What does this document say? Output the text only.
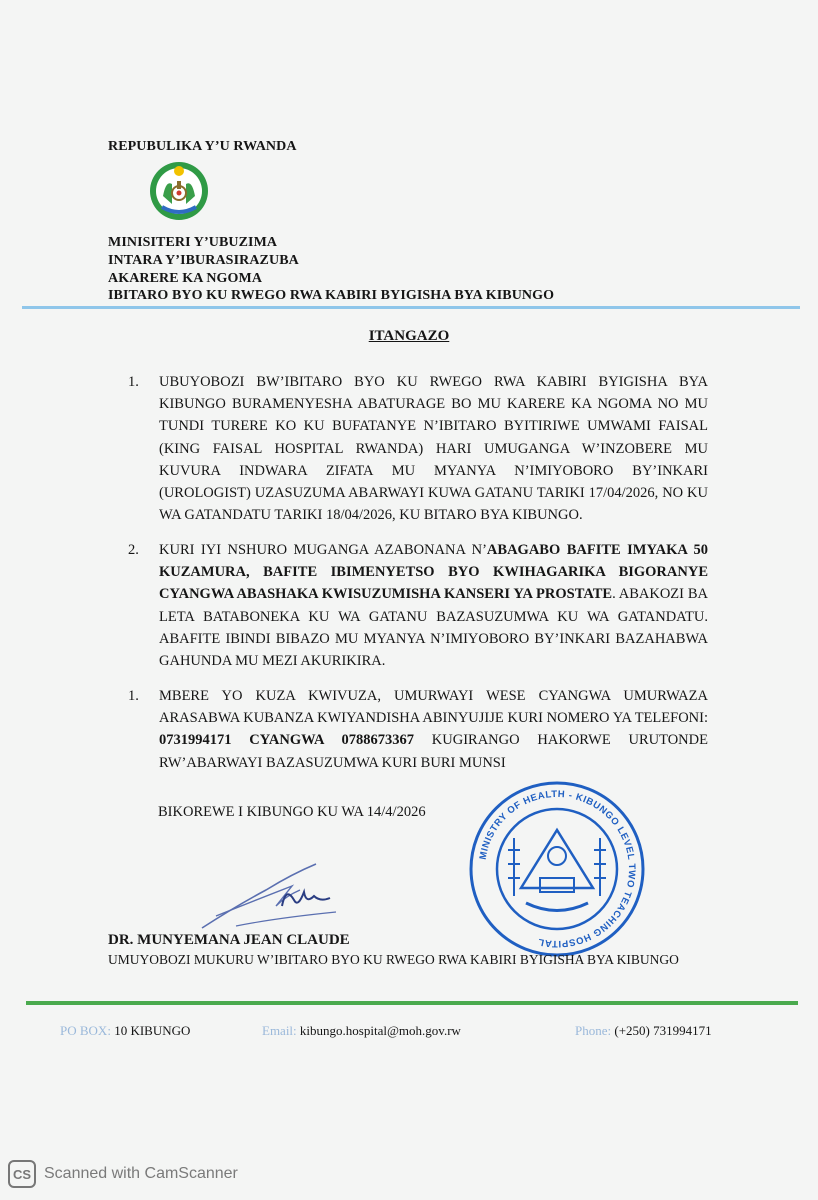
REPUBULIKA Y’U RWANDA
MINISITERI Y’UBUZIMA
INTARA Y’IBURASIRAZUBA
AKARERE KA NGOMA
IBITARO BYO KU RWEGO RWA KABIRI BYIGISHA BYA KIBUNGO
ITANGAZO
1. UBUYOBOZI BW’IBITARO BYO KU RWEGO RWA KABIRI BYIGISHA BYA KIBUNGO BURAMENYESHA ABATURAGE BO MU KARERE KA NGOMA NO MU TUNDI TURERE KO KU BUFATANYE N’IBITARO BYITIRIWE UMWAMI FAISAL (KING FAISAL HOSPITAL RWANDA) HARI UMUGANGA W’INZOBERE MU KUVURA INDWARA ZIFATA MU MYANYA N’IMIYOBORO BY’INKARI (UROLOGIST) UZASUZUMA ABARWAYI KUWA GATANU TARIKI 17/04/2026, NO KU WA GATANDATU TARIKI 18/04/2026, KU BITARO BYA KIBUNGO.
2. KURI IYI NSHURO MUGANGA AZABONANA N’ABAGABO BAFITE IMYAKA 50 KUZAMURA, BAFITE IBIMENYETSO BYO KWIHAGARIKA BIGORANYE CYANGWA ABASHAKA KWISUZUMISHA KANSERI YA PROSTATE. ABAKOZI BA LETA BATABONEKA KU WA GATANU BAZASUZUMWA KU WA GATANDATU. ABAFITE IBINDI BIBAZO MU MYANYA N’IMIYOBORO BY’INKARI BAZAHABWA GAHUNDA MU MEZI AKURIKIRA.
1. MBERE YO KUZA KWIVUZA, UMURWAYI WESE CYANGWA UMURWAZA ARASABWA KUBANZA KWIYANDISHA ABINYUJIJE KURI NOMERO YA TELEFONI: 0731994171 CYANGWA 0788673367 KUGIRANGO HAKORWE URUTONDE RW’ABARWAYI BAZASUZUMWA KURI BURI MUNSI
BIKOREWE I KIBUNGO KU WA 14/4/2026
MINISTRY OF HEALTH - KIBUNGO LEVEL TWO TEACHING HOSPITAL
DR. MUNYEMANA JEAN CLAUDE
UMUYOBOZI MUKURU W’IBITARO BYO KU RWEGO RWA KABIRI BYIGISHA BYA KIBUNGO
PO BOX: 10 KIBUNGO	Email: kibungo.hospital@moh.gov.rw	Phone: (+250) 731994171
CS Scanned with CamScanner
